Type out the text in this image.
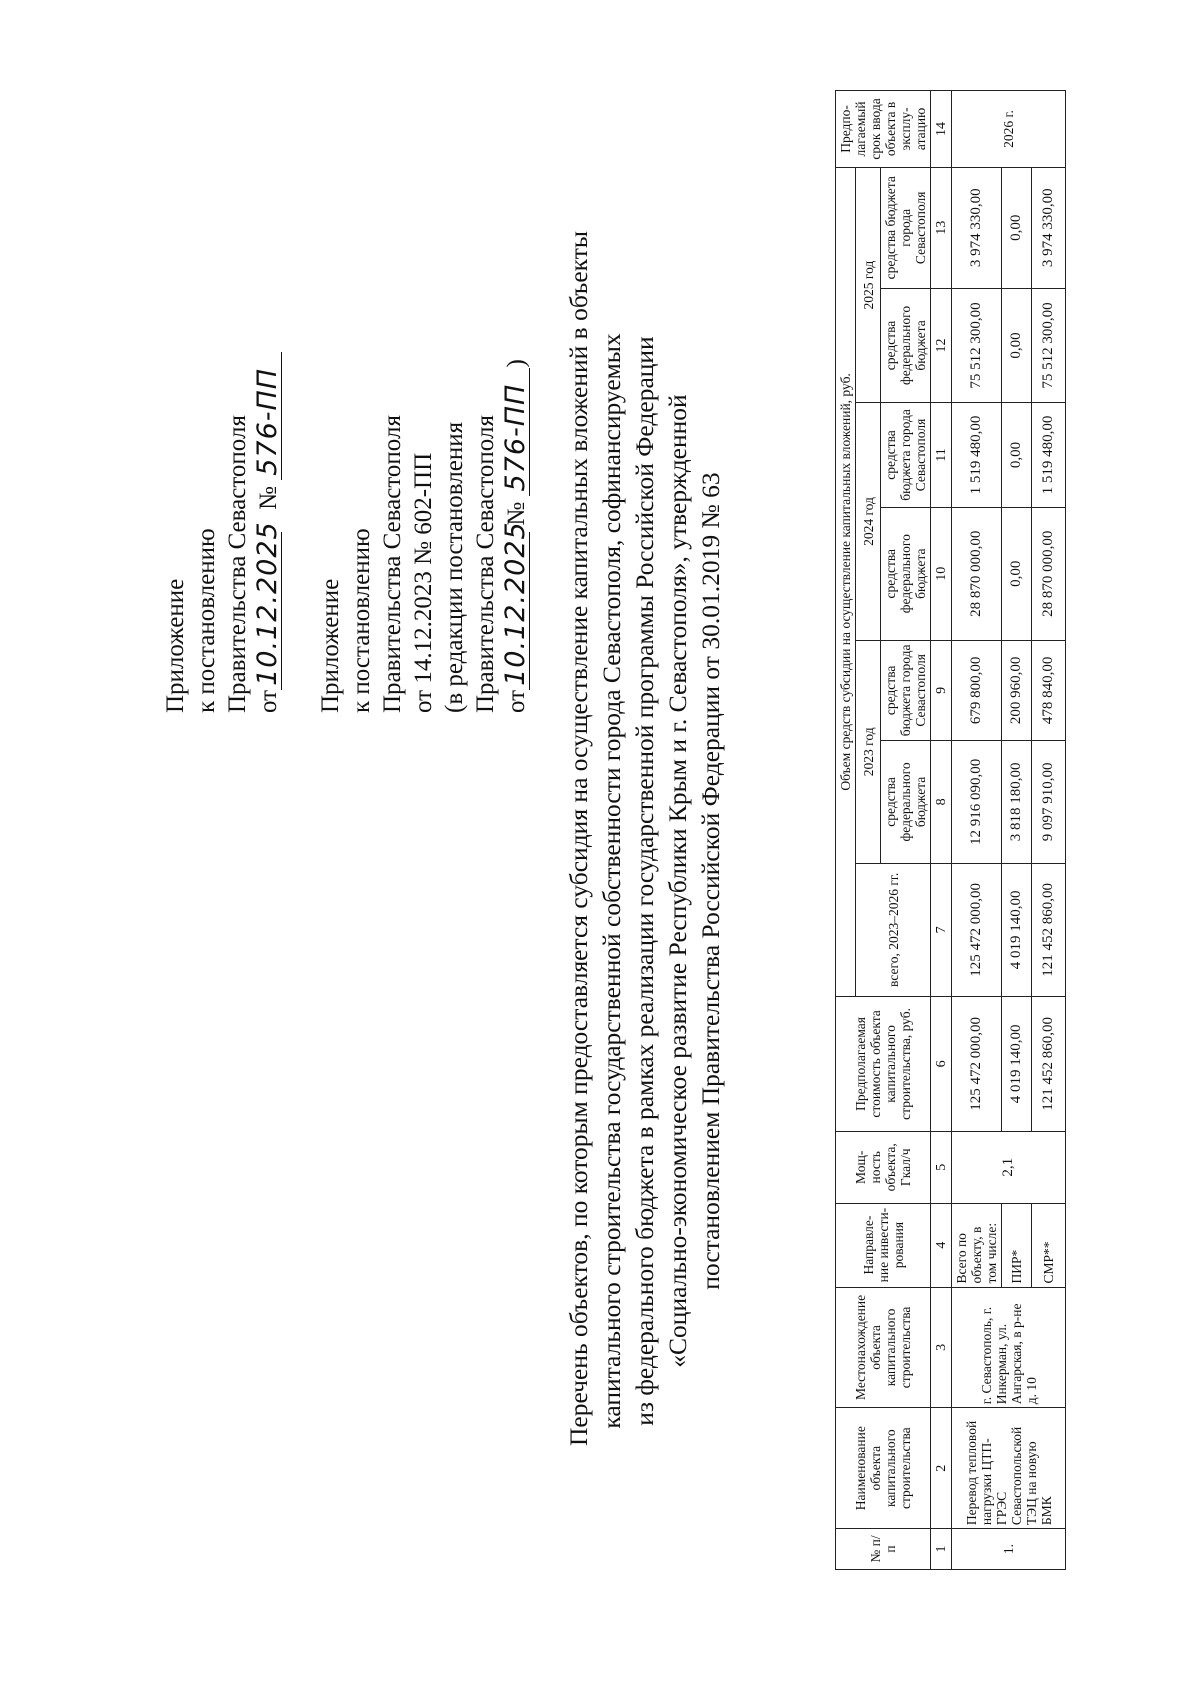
Приложение к постановлению Правительства Севастополя от10.12.2025№ 576-ПП
Приложение к постановлению Правительства Севастополя от 14.12.2023 № 602-ПП (в редакции постановления Правительства Севастополя от10.12.2025 № 576-ПП) Перечень объектов, по которым предоставляется субсидия на осуществление капитальных вложений в объекты капитального строительства государственной собственности города Севастополя, софинансируемых из федерального бюджета в рамках реализации государственной программы Российской Федерации «Социально-экономическое развитие Республики Крым и г. Севастополя», утвержденной постановлением Правительства Российской Федерации от 30.01.2019 № 63
№ п/п	Наименование объекта капитального строительства	Местонахождение объекта капитального строительства	Направле-ние инвести-рования	Мощ-ность объекта, Гкал/ч	Предполагаемая стоимость объекта капитального строительства, руб.	Объем средств субсидии на осуществление капитальных вложений, руб.							Предпо-лагаемый срок ввода объекта в эксплу-атацию
						всего, 2023–2026 гг.	2023 год		2024 год		2025 год		
							средства федерального бюджета	средства бюджета города Севастополя	средства федерального бюджета	средства бюджета города Севастополя	средства федерального бюджета	средства бюджета города Севастополя	
1	2	3	4	5	6	7	8	9	10	11	12	13	14
1.	Перевод тепловой нагрузки ЦТП-ГРЭС Севастопольской ТЭЦ на новую БМК	г. Севастополь, г. Инкерман, ул. Ангарская, в р-не д. 10	Всего по объекту, в том числе:	2,1	125 472 000,00	125 472 000,00	12 916 090,00	679 800,00	28 870 000,00	1 519 480,00	75 512 300,00	3 974 330,00	2026 г.
			ПИР*		4 019 140,00	4 019 140,00	3 818 180,00	200 960,00	0,00	0,00	0,00	0,00	
			СМР**		121 452 860,00	121 452 860,00	9 097 910,00	478 840,00	28 870 000,00	1 519 480,00	75 512 300,00	3 974 330,00	
